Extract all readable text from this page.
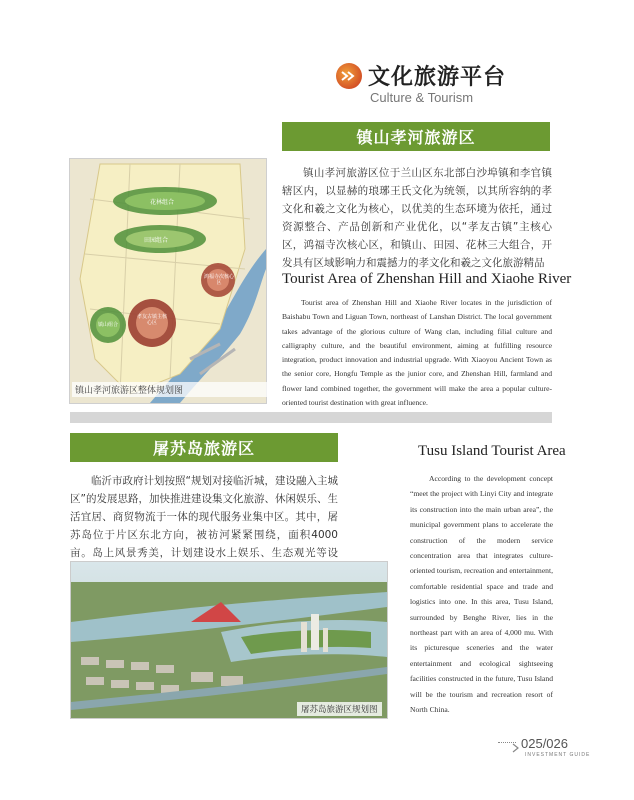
文化旅游平台
Culture & Tourism
镇山孝河旅游区
花林组合
田园组合
鸿福寺次核心区
孝友古镇主核心区
镇山组合
镇山孝河旅游区整体规划图
镇山孝河旅游区位于兰山区东北部白沙埠镇和李官镇辖区内，以显赫的琅琊王氏文化为统领，以其所容纳的孝文化和羲之文化为核心，以优美的生态环境为依托，通过资源整合、产品创新和产业优化，以“孝友古镇”主核心区，鸿福寺次核心区，和镇山、田园、花林三大组合，开发具有区域影响力和震撼力的孝文化和羲之文化旅游精品
Tourist Area of Zhenshan Hill and Xiaohe River
Tourist area of Zhenshan Hill and Xiaohe River locates in the jurisdiction of Baishabu Town and Liguan Town, northeast of Lanshan District. The local government takes advantage of the glorious culture of Wang clan, including filial culture and calligraphy culture, and the beautiful environment, aiming at fulfilling resource integration, product innovation and industrial upgrade. With Xiaoyou Ancient Town as the senior core, Hongfu Temple as the junior core, and Zhenshan Hill, farmland and flower land combined together, the government will make the area a popular culture-oriented tourist destination with great influence.
屠苏岛旅游区
临沂市政府计划按照“规划对接临沂城，建设融入主城区”的发展思路，加快推进建设集文化旅游、休闲娱乐、生活宜居、商贸物流于一体的现代服务业集中区。其中，屠苏岛位于片区东北方向，被祊河紧紧围绕，面积4000亩。岛上风景秀美，计划建设水上娱乐、生态观光等设
屠苏岛旅游区规划图
Tusu Island Tourist Area
According to the development concept “meet the project with Linyi City and integrate its construction into the main urban area”, the municipal government plans to accelerate the construction of the modern service concentration area that integrates culture-oriented tourism, recreation and entertainment, comfortable residential space and trade and logistics into one. In this area, Tusu Island, surrounded by Benghe River, lies in the northeast part with an area of 4,000 mu. With its picturesque sceneries and the water entertainment and ecological sightseeing facilities constructed in the future, Tusu Island will be the tourism and recreation resort of North China.
025/026
INVESTMENT GUIDE
